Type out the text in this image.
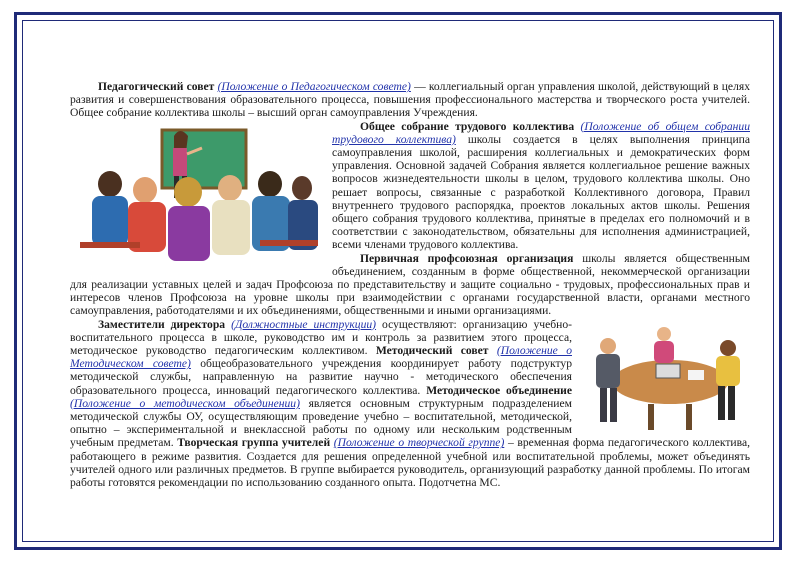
Педагогический совет (Положение о Педагогическом совете) — коллегиальный орган управления школой, действующий в целях развития и совершенствования образовательного процесса, повышения профессионального мастерства и творческого роста учителей. Общее собрание коллектива школы – высший орган самоуправления Учреждения.

Общее собрание трудового коллектива (Положение об общем собрании трудового коллектива) школы создается в целях выполнения принципа самоуправления школой, расширения коллегиальных и демократических форм управления. Основной задачей Собрания является коллегиальное решение важных вопросов жизнедеятельности школы в целом, трудового коллектива школы. Оно решает вопросы, связанные с разработкой Коллективного договора, Правил внутреннего трудового распорядка, проектов локальных актов школы. Решения общего собрания трудового коллектива, принятые в пределах его полномочий и в соответствии с законодательством, обязательны для исполнения администрацией, всеми членами трудового коллектива.

Первичная профсоюзная организация школы является общественным объединением, созданным в форме общественной, некоммерческой организации для реализации уставных целей и задач Профсоюза по представительству и защите социально - трудовых, профессиональных прав и интересов членов Профсоюза на уровне школы при взаимодействии с органами государственной власти, органами местного самоуправления, работодателями и их объединениями, общественными и иными организациями.

Заместители директора (Должностные инструкции) осуществляют: организацию учебно-воспитательного процесса в школе, руководство им и контроль за развитием этого процесса, методическое руководство педагогическим коллективом. Методический совет (Положение о Методическом совете) общеобразовательного учреждения координирует работу подструктур методической службы, направленную на развитие научно - методического обеспечения образовательного процесса, инноваций педагогического коллектива. Методическое объединение (Положение о методическом объединении) является основным структурным подразделением методической службы ОУ, осуществляющим проведение учебно – воспитательной, методической, опытно – экспериментальной и внеклассной работы по одному или нескольким родственным учебным предметам. Творческая группа учителей (Положение о творческой группе) – временная форма педагогического коллектива, работающего в режиме развития. Создается для решения определенной учебной или воспитательной проблемы, может объединять учителей одного или различных предметов. В группе выбирается руководитель, организующий разработку данной проблемы. По итогам работы готовятся рекомендации по использованию созданного опыта. Подотчетна МС.
